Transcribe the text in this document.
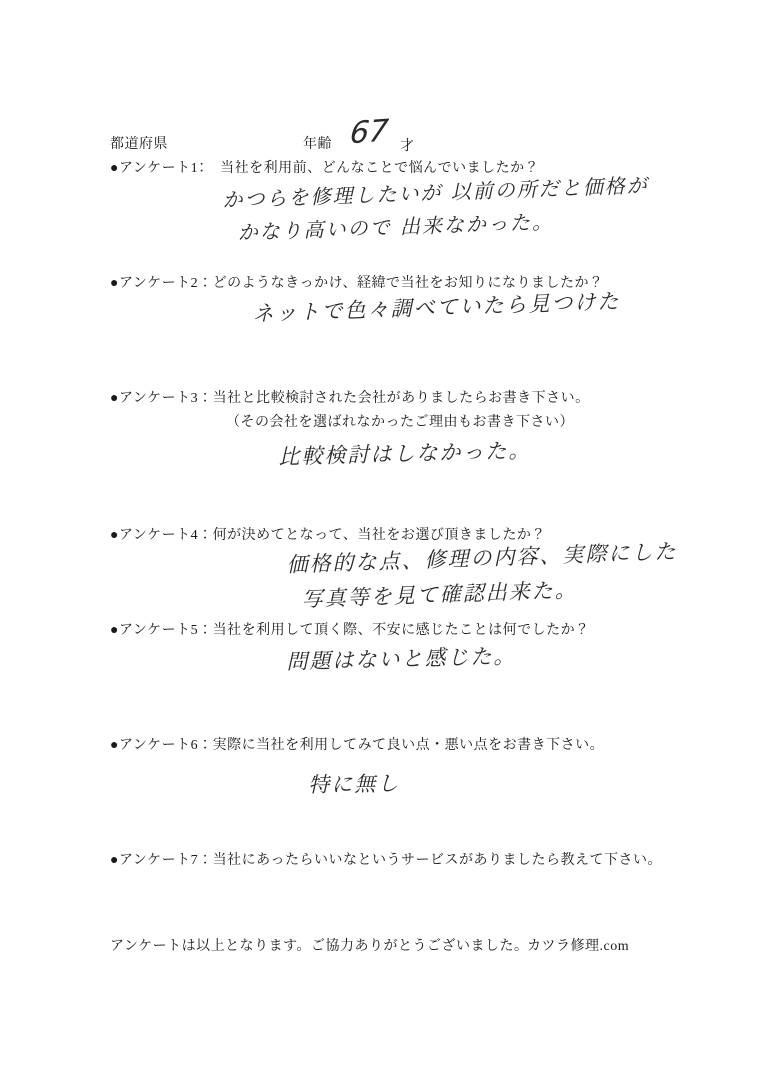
都道府県	年齢 67 才
●アンケート1：　当社を利用前、どんなことで悩んでいましたか？
かつらを修理したいが 以前の所だと価格が
かなり高いので 出来なかった。
●アンケート2：どのようなきっかけ、経緯で当社をお知りになりましたか？
ネットで色々調べていたら見つけた
●アンケート3：当社と比較検討された会社がありましたらお書き下さい。
（その会社を選ばれなかったご理由もお書き下さい）
比較検討はしなかった。
●アンケート4：何が決めてとなって、当社をお選び頂きましたか？
価格的な点、修理の内容、実際にした
写真等を見て確認出来た。
●アンケート5：当社を利用して頂く際、不安に感じたことは何でしたか？
問題はないと感じた。
●アンケート6：実際に当社を利用してみて良い点・悪い点をお書き下さい。
特に無し
●アンケート7：当社にあったらいいなというサービスがありましたら教えて下さい。
アンケートは以上となります。ご協力ありがとうございました。
カツラ修理.com
